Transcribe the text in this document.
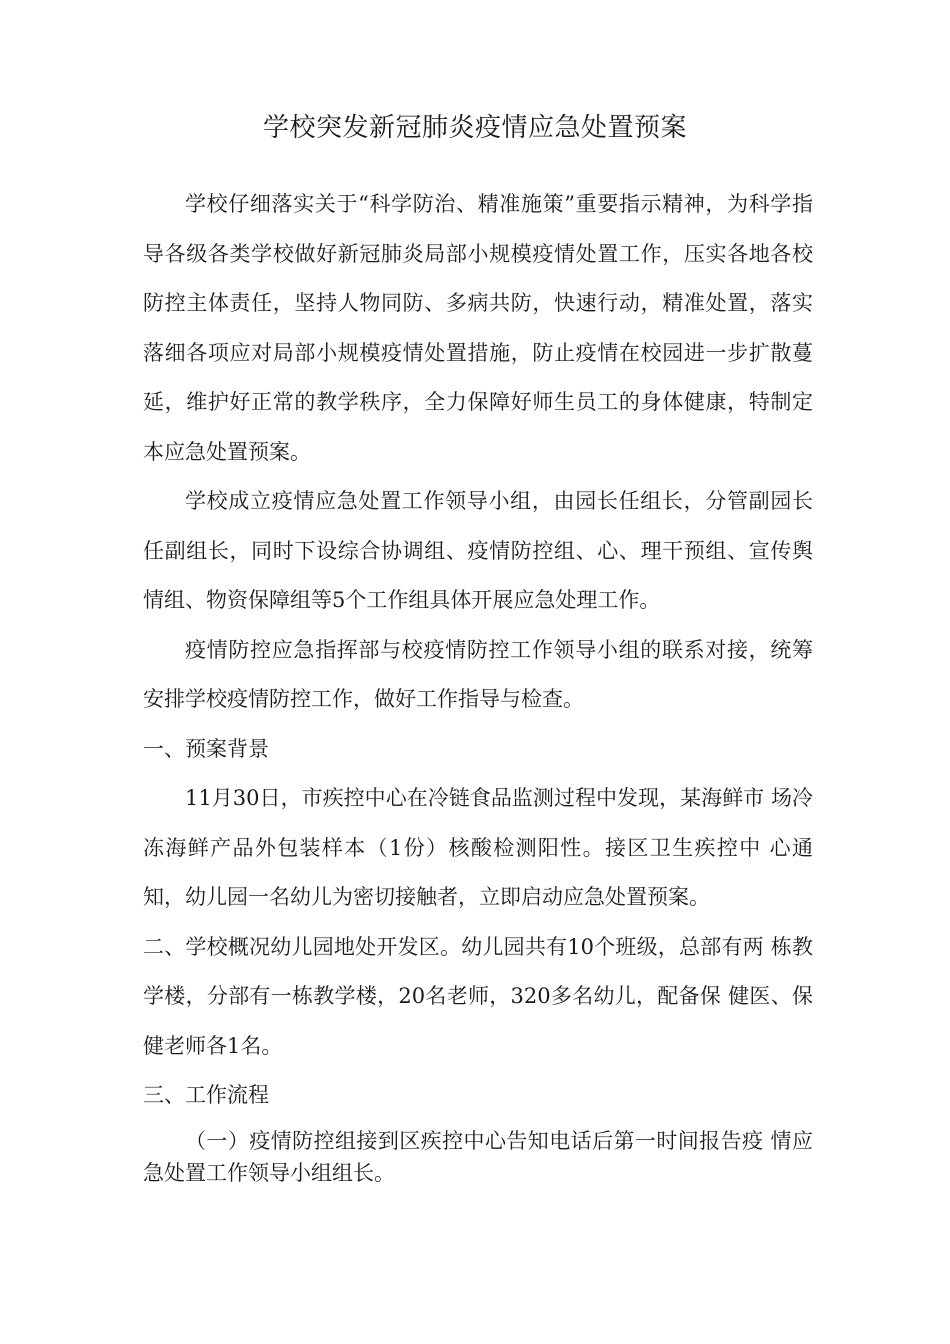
学校突发新冠肺炎疫情应急处置预案

学校仔细落实关于“科学防治、精准施策”重要指示精神，为科学指导各级各类学校做好新冠肺炎局部小规模疫情处置工作，压实各地各校防控主体责任，坚持人物同防、多病共防，快速行动，精准处置，落实落细各项应对局部小规模疫情处置措施，防止疫情在校园进一步扩散蔓延，维护好正常的教学秩序，全力保障好师生员工的身体健康，特制定本应急处置预案。

学校成立疫情应急处置工作领导小组，由园长任组长，分管副园长任副组长，同时下设综合协调组、疫情防控组、心、理干预组、宣传舆情组、物资保障组等5个工作组具体开展应急处理工作。

疫情防控应急指挥部与校疫情防控工作领导小组的联系对接，统筹安排学校疫情防控工作，做好工作指导与检查。

一、预案背景

11月30日，市疾控中心在冷链食品监测过程中发现，某海鲜市 场冷冻海鲜产品外包装样本（1份）核酸检测阳性。接区卫生疾控中 心通知，幼儿园一名幼儿为密切接触者，立即启动应急处置预案。

二、学校概况幼儿园地处开发区。幼儿园共有10个班级，总部有两 栋教学楼，分部有一栋教学楼，20名老师，320多名幼儿，配备保 健医、保健老师各1名。

三、工作流程

（一）疫情防控组接到区疾控中心告知电话后第一时间报告疫 情应急处置工作领导小组组长。
